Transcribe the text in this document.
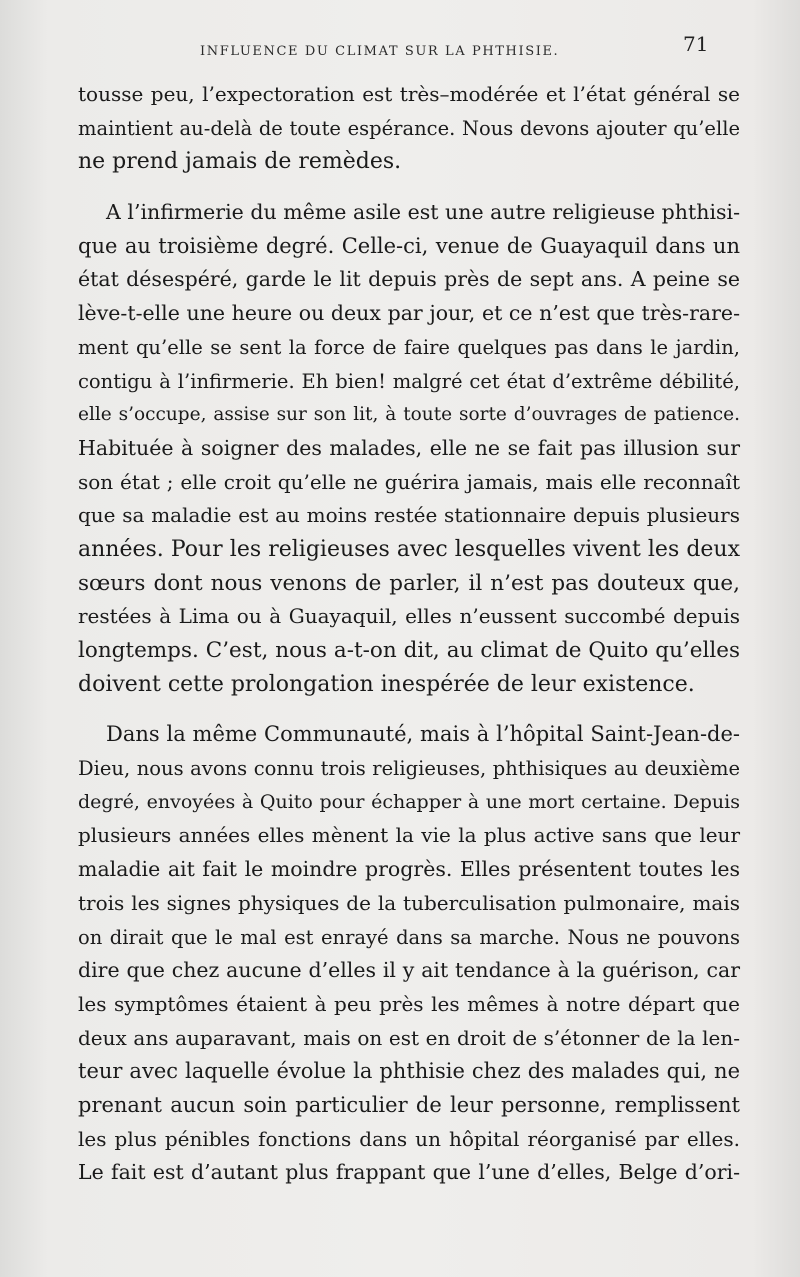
INFLUENCE DU CLIMAT SUR LA PHTHISIE.	71
tousse peu, l’expectoration est très–modérée et l’état général se
maintient au-delà de toute espérance. Nous devons ajouter qu’elle
ne prend jamais de remèdes.
A l’infirmerie du même asile est une autre religieuse phthisi-
que au troisième degré. Celle-ci, venue de Guayaquil dans un
état désespéré, garde le lit depuis près de sept ans. A peine se
lève-t-elle une heure ou deux par jour, et ce n’est que très-rare-
ment qu’elle se sent la force de faire quelques pas dans le jardin,
contigu à l’infirmerie. Eh bien! malgré cet état d’extrême débilité,
elle s’occupe, assise sur son lit, à toute sorte d’ouvrages de patience.
Habituée à soigner des malades, elle ne se fait pas illusion sur
son état ; elle croit qu’elle ne guérira jamais, mais elle reconnaît
que sa maladie est au moins restée stationnaire depuis plusieurs
années. Pour les religieuses avec lesquelles vivent les deux
sœurs dont nous venons de parler, il n’est pas douteux que,
restées à Lima ou à Guayaquil, elles n’eussent succombé depuis
longtemps. C’est, nous a-t-on dit, au climat de Quito qu’elles
doivent cette prolongation inespérée de leur existence.
Dans la même Communauté, mais à l’hôpital Saint-Jean-de-
Dieu, nous avons connu trois religieuses, phthisiques au deuxième
degré, envoyées à Quito pour échapper à une mort certaine. Depuis
plusieurs années elles mènent la vie la plus active sans que leur
maladie ait fait le moindre progrès. Elles présentent toutes les
trois les signes physiques de la tuberculisation pulmonaire, mais
on dirait que le mal est enrayé dans sa marche. Nous ne pouvons
dire que chez aucune d’elles il y ait tendance à la guérison, car
les symptômes étaient à peu près les mêmes à notre départ que
deux ans auparavant, mais on est en droit de s’étonner de la len-
teur avec laquelle évolue la phthisie chez des malades qui, ne
prenant aucun soin particulier de leur personne, remplissent
les plus pénibles fonctions dans un hôpital réorganisé par elles.
Le fait est d’autant plus frappant que l’une d’elles, Belge d’ori-
